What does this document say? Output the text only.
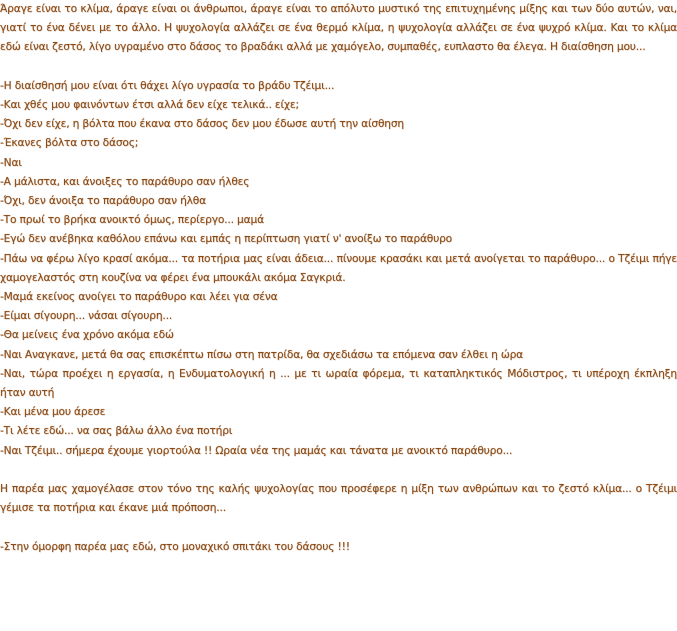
Άραγε είναι το κλίμα, άραγε είναι οι άνθρωποι, άραγε είναι το απόλυτο μυστικό της επιτυχημένης μίξης και των δύο αυτών, ναι, γιατί το ένα δένει με το άλλο. Η ψυχολογία αλλάζει σε ένα θερμό κλίμα, η ψυχολογία αλλάζει σε ένα ψυχρό κλίμα. Και το κλίμα εδώ είναι ζεστό, λίγο υγραμένο στο δάσος το βραδάκι αλλά με χαμόγελο, συμπαθές, ευπλαστο θα έλεγα. Η διαίσθηση μου...

-Η διαίσθησή μου είναι ότι θάχει λίγο υγρασία το βράδυ Τζέιμι...

-Και χθές μου φαινόντων έτσι αλλά δεν είχε τελικά.. είχε;

-Όχι δεν είχε, η βόλτα που έκανα στο δάσος δεν μου έδωσε αυτή την αίσθηση

-Έκανες βόλτα στο δάσος;

-Ναι

-Α μάλιστα, και άνοιξες το παράθυρο σαν ήλθες

-Όχι, δεν άνοιξα το παράθυρο σαν ήλθα

-Το πρωί το βρήκα ανοικτό όμως, περίεργο... μαμά

-Εγώ δεν ανέβηκα καθόλου επάνω και εμπάς η περίπτωση γιατί ν' ανοίξω το παράθυρο

-Πάω να φέρω λίγο κρασί ακόμα... τα ποτήρια μας είναι άδεια... πίνουμε κρασάκι και μετά ανοίγεται το παράθυρο... ο Τζέιμι πήγε χαμογελαστός στη κουζίνα να φέρει ένα μπουκάλι ακόμα Σαγκριά.

-Μαμά εκείνος ανοίγει το παράθυρο και λέει για σένα

-Είμαι σίγουρη... νάσαι σίγουρη...

-Θα μείνεις ένα χρόνο ακόμα εδώ

-Ναι Αναγκανε, μετά θα σας επισκέπτω πίσω στη πατρίδα, θα σχεδιάσω τα επόμενα σαν έλθει η ώρα

-Ναι, τώρα προέχει η εργασία, η Ενδυματολογική η ... με τι ωραία φόρεμα, τι καταπληκτικός Μόδιστρος, τι υπέροχη έκπληξη ήταν αυτή

-Και μένα μου άρεσε

-Τι λέτε εδώ... να σας βάλω άλλο ένα ποτήρι

-Ναι Τζέιμι.. σήμερα έχουμε γιορτούλα !! Ωραία νέα της μαμάς και τάνατα με ανοικτό παράθυρο...

Η παρέα μας χαμογέλασε στον τόνο της καλής ψυχολογίας που προσέφερε η μίξη των ανθρώπων και το ζεστό κλίμα... ο Τζέιμι γέμισε τα ποτήρια και έκανε μιά πρόποση...

-Στην όμορφη παρέα μας εδώ, στο μοναχικό σπιτάκι του δάσους !!!
